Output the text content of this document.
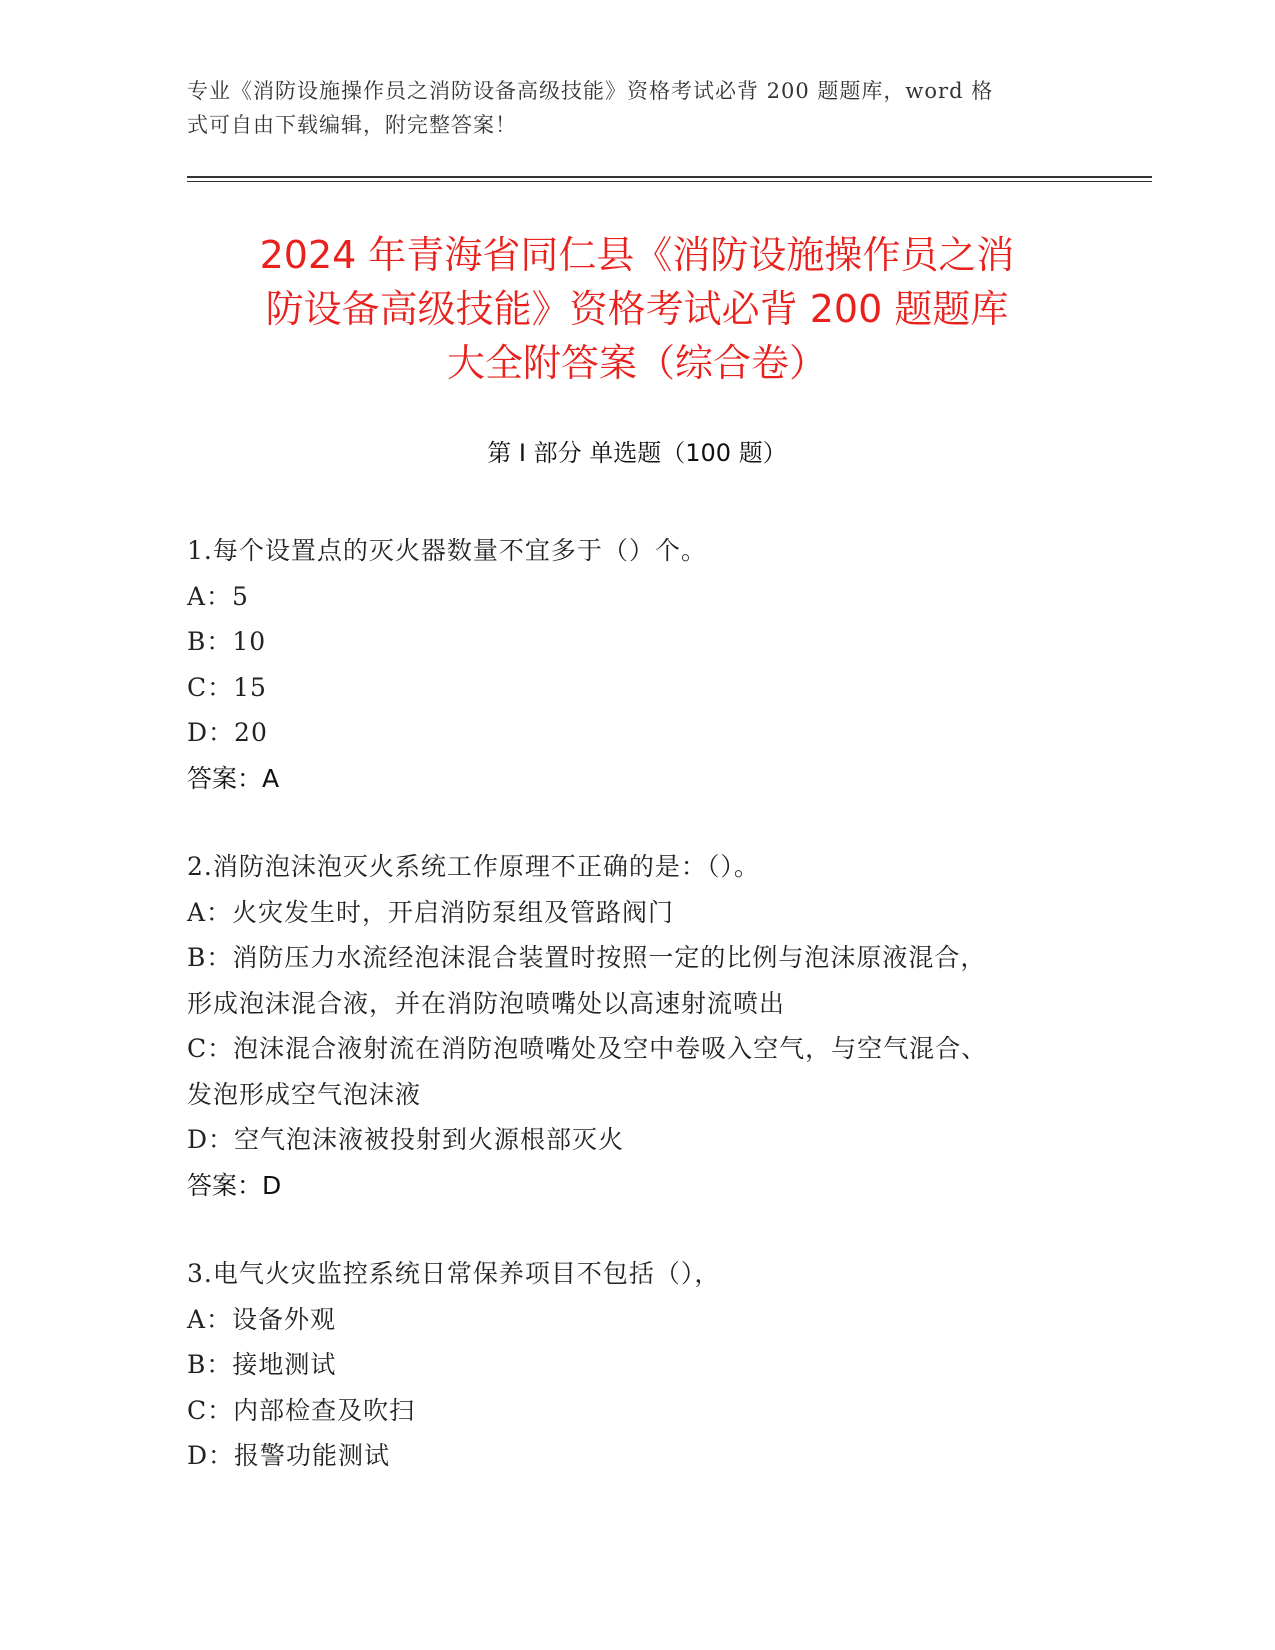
专业《消防设施操作员之消防设备高级技能》资格考试必背 200 题题库，word 格
式可自由下载编辑，附完整答案！
2024 年青海省同仁县《消防设施操作员之消
防设备高级技能》资格考试必背 200 题题库
大全附答案（综合卷）
第 I 部分 单选题（100 题）
1.每个设置点的灭火器数量不宜多于（）个。
A：5
B：10
C：15
D：20
答案：A
2.消防泡沫泡灭火系统工作原理不正确的是：（）。
A：火灾发生时，开启消防泵组及管路阀门
B：消防压力水流经泡沫混合装置时按照一定的比例与泡沫原液混合，
形成泡沫混合液，并在消防泡喷嘴处以高速射流喷出
C：泡沫混合液射流在消防泡喷嘴处及空中卷吸入空气，与空气混合、
发泡形成空气泡沫液
D：空气泡沫液被投射到火源根部灭火
答案：D
3.电气火灾监控系统日常保养项目不包括（），
A：设备外观
B：接地测试
C：内部检查及吹扫
D：报警功能测试
